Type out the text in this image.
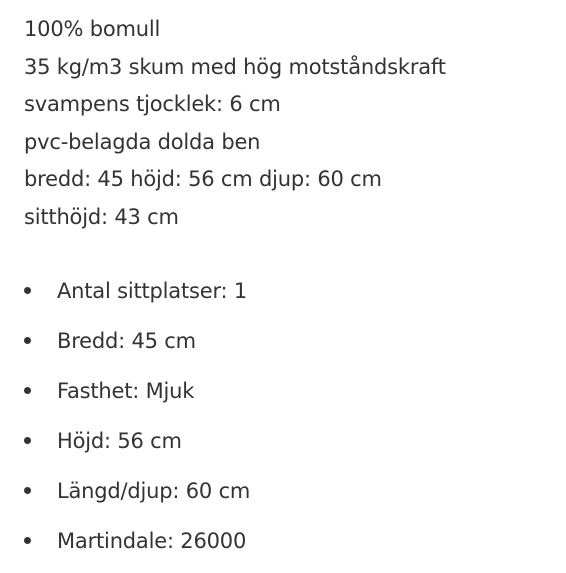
100% bomull
35 kg/m3 skum med hög motståndskraft
svampens tjocklek: 6 cm
pvc-belagda dolda ben
bredd: 45 höjd: 56 cm djup: 60 cm
sitthöjd: 43 cm
Antal sittplatser: 1
Bredd: 45 cm
Fasthet: Mjuk
Höjd: 56 cm
Längd/djup: 60 cm
Martindale: 26000
